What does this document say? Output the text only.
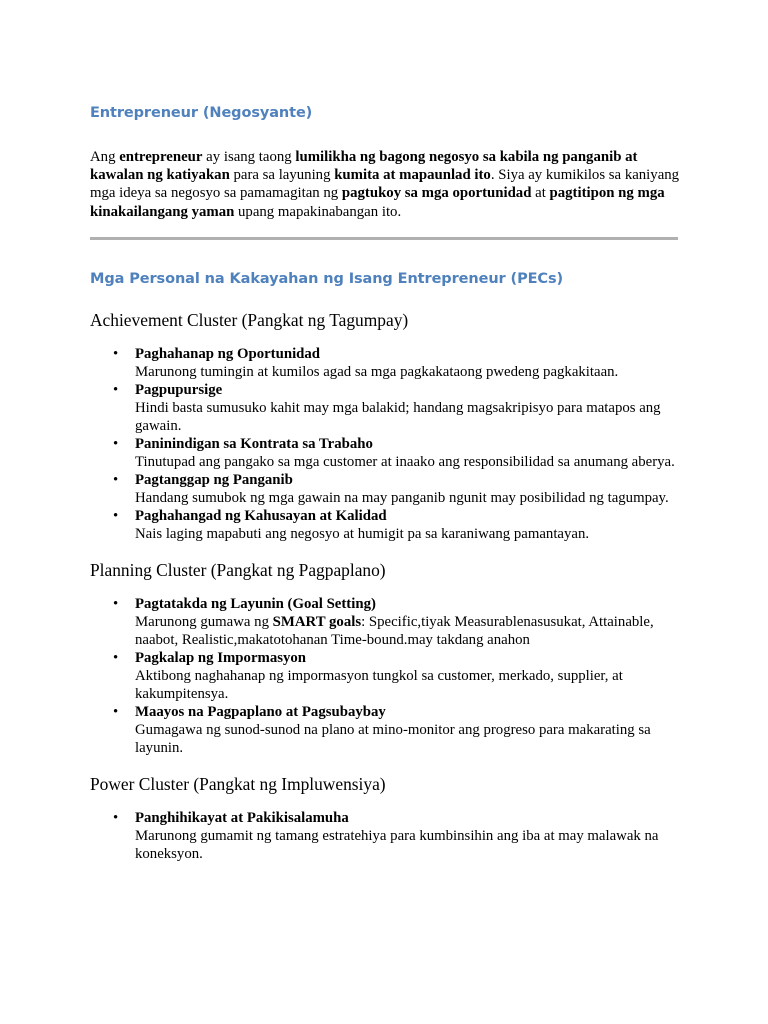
Entrepreneur (Negosyante)

Ang entrepreneur ay isang taong lumilikha ng bagong negosyo sa kabila ng panganib at kawalan ng katiyakan para sa layuning kumita at mapaunlad ito. Siya ay kumikilos sa kaniyang mga ideya sa negosyo sa pamamagitan ng pagtukoy sa mga oportunidad at pagtitipon ng mga kinakailangang yaman upang mapakinabangan ito.

Mga Personal na Kakayahan ng Isang Entrepreneur (PECs)
Achievement Cluster (Pangkat ng Tagumpay)
• Paghahanap ng Oportunidad
Marunong tumingin at kumilos agad sa mga pagkakataong pwedeng pagkakitaan.
• Pagpupursige
Hindi basta sumusuko kahit may mga balakid; handang magsakripisyo para matapos ang gawain.
• Paninindigan sa Kontrata sa Trabaho
Tinutupad ang pangako sa mga customer at inaako ang responsibilidad sa anumang aberya.
• Pagtanggap ng Panganib
Handang sumubok ng mga gawain na may panganib ngunit may posibilidad ng tagumpay.
• Paghahangad ng Kahusayan at Kalidad
Nais laging mapabuti ang negosyo at humigit pa sa karaniwang pamantayan.
Planning Cluster (Pangkat ng Pagpaplano)
• Pagtatakda ng Layunin (Goal Setting)
Marunong gumawa ng SMART goals: Specific,tiyak Measurablenasusukat, Attainable, naabot, Realistic,makatotohanan Time-bound.may takdang anahon
• Pagkalap ng Impormasyon
Aktibong naghahanap ng impormasyon tungkol sa customer, merkado, supplier, at kakumpitensya.
• Maayos na Pagpaplano at Pagsubaybay
Gumagawa ng sunod-sunod na plano at mino-monitor ang progreso para makarating sa layunin.
Power Cluster (Pangkat ng Impluwensiya)
• Panghihikayat at Pakikisalamuha
Marunong gumamit ng tamang estratehiya para kumbinsihin ang iba at may malawak na koneksyon.
